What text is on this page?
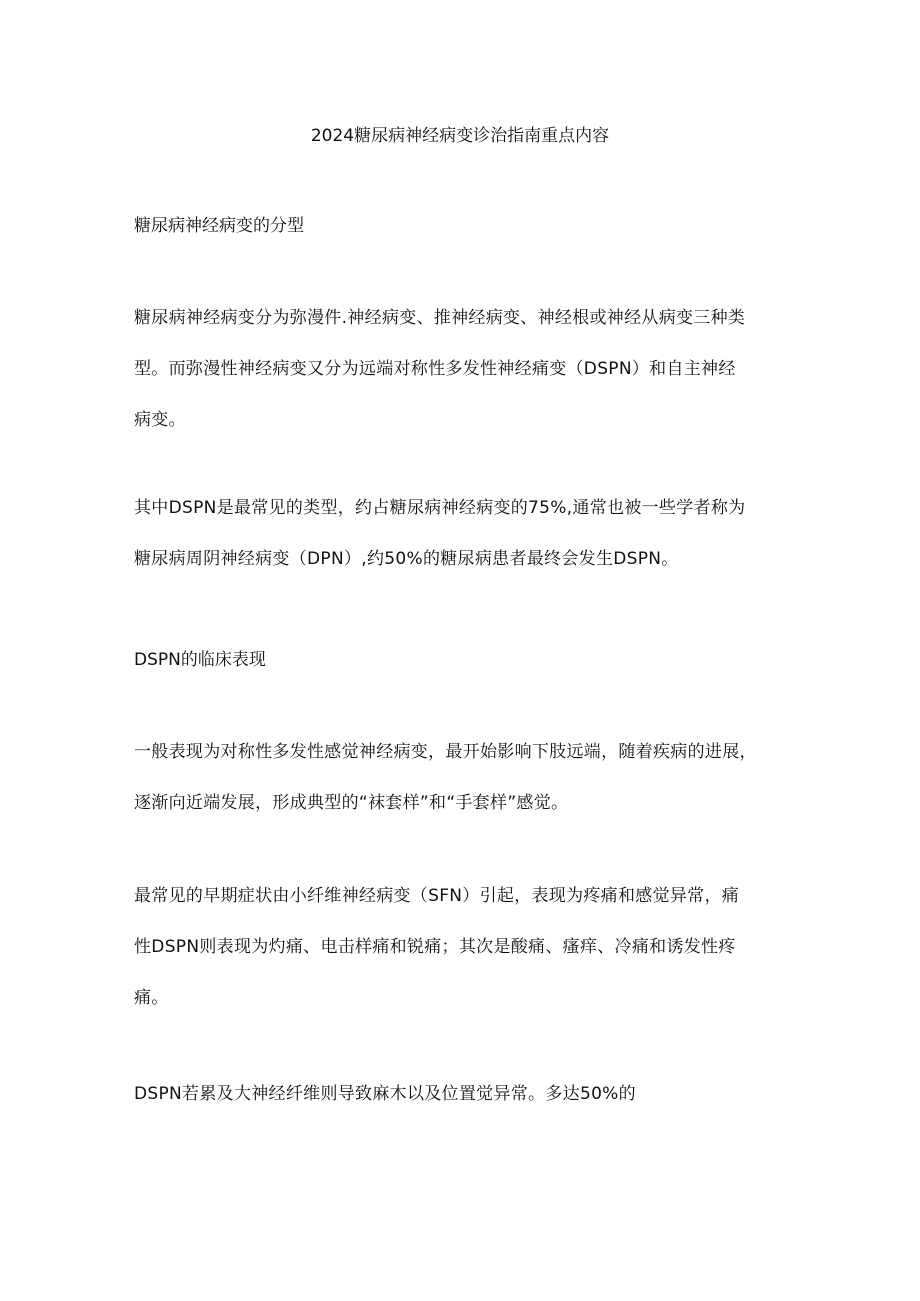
2024糖尿病神经病变诊治指南重点内容
糖尿病神经病变的分型
糖尿病神经病变分为弥漫件.神经病变、推神经病变、神经根或神经从病变三种类
型。而弥漫性神经病变又分为远端对称性多发性神经痛变（DSPN）和自主神经
病变。
其中DSPN是最常见的类型，约占糖尿病神经病变的75%,通常也被一些学者称为
糖尿病周阴神经病变（DPN）,约50%的糖尿病患者最终会发生DSPN。
DSPN的临床表现
一般表现为对称性多发性感觉神经病变，最开始影响下肢远端，随着疾病的进展，
逐渐向近端发展，形成典型的“袜套样”和“手套样”感觉。
最常见的早期症状由小纤维神经病变（SFN）引起，表现为疼痛和感觉异常，痛
性DSPN则表现为灼痛、电击样痛和锐痛；其次是酸痛、瘙痒、冷痛和诱发性疼
痛。
DSPN若累及大神经纤维则导致麻木以及位置觉异常。多达50%的
